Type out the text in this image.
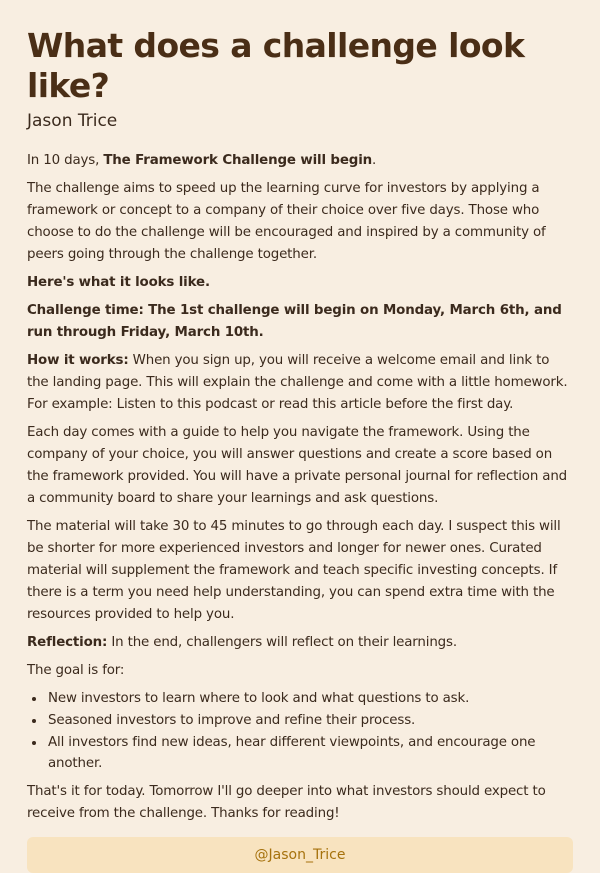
What does a challenge look like?
Jason Trice

In 10 days, The Framework Challenge will begin.

The challenge aims to speed up the learning curve for investors by applying a framework or concept to a company of their choice over five days. Those who choose to do the challenge will be encouraged and inspired by a community of peers going through the challenge together.

Here's what it looks like.

Challenge time: The 1st challenge will begin on Monday, March 6th, and run through Friday, March 10th.

How it works: When you sign up, you will receive a welcome email and link to the landing page. This will explain the challenge and come with a little homework. For example: Listen to this podcast or read this article before the first day.

Each day comes with a guide to help you navigate the framework. Using the company of your choice, you will answer questions and create a score based on the framework provided. You will have a private personal journal for reflection and a community board to share your learnings and ask questions.

The material will take 30 to 45 minutes to go through each day. I suspect this will be shorter for more experienced investors and longer for newer ones. Curated material will supplement the framework and teach specific investing concepts. If there is a term you need help understanding, you can spend extra time with the resources provided to help you.

Reflection: In the end, challengers will reflect on their learnings.

The goal is for:

• New investors to learn where to look and what questions to ask.
• Seasoned investors to improve and refine their process.
• All investors find new ideas, hear different viewpoints, and encourage one another.

That's it for today. Tomorrow I'll go deeper into what investors should expect to receive from the challenge. Thanks for reading!

@Jason_Trice
